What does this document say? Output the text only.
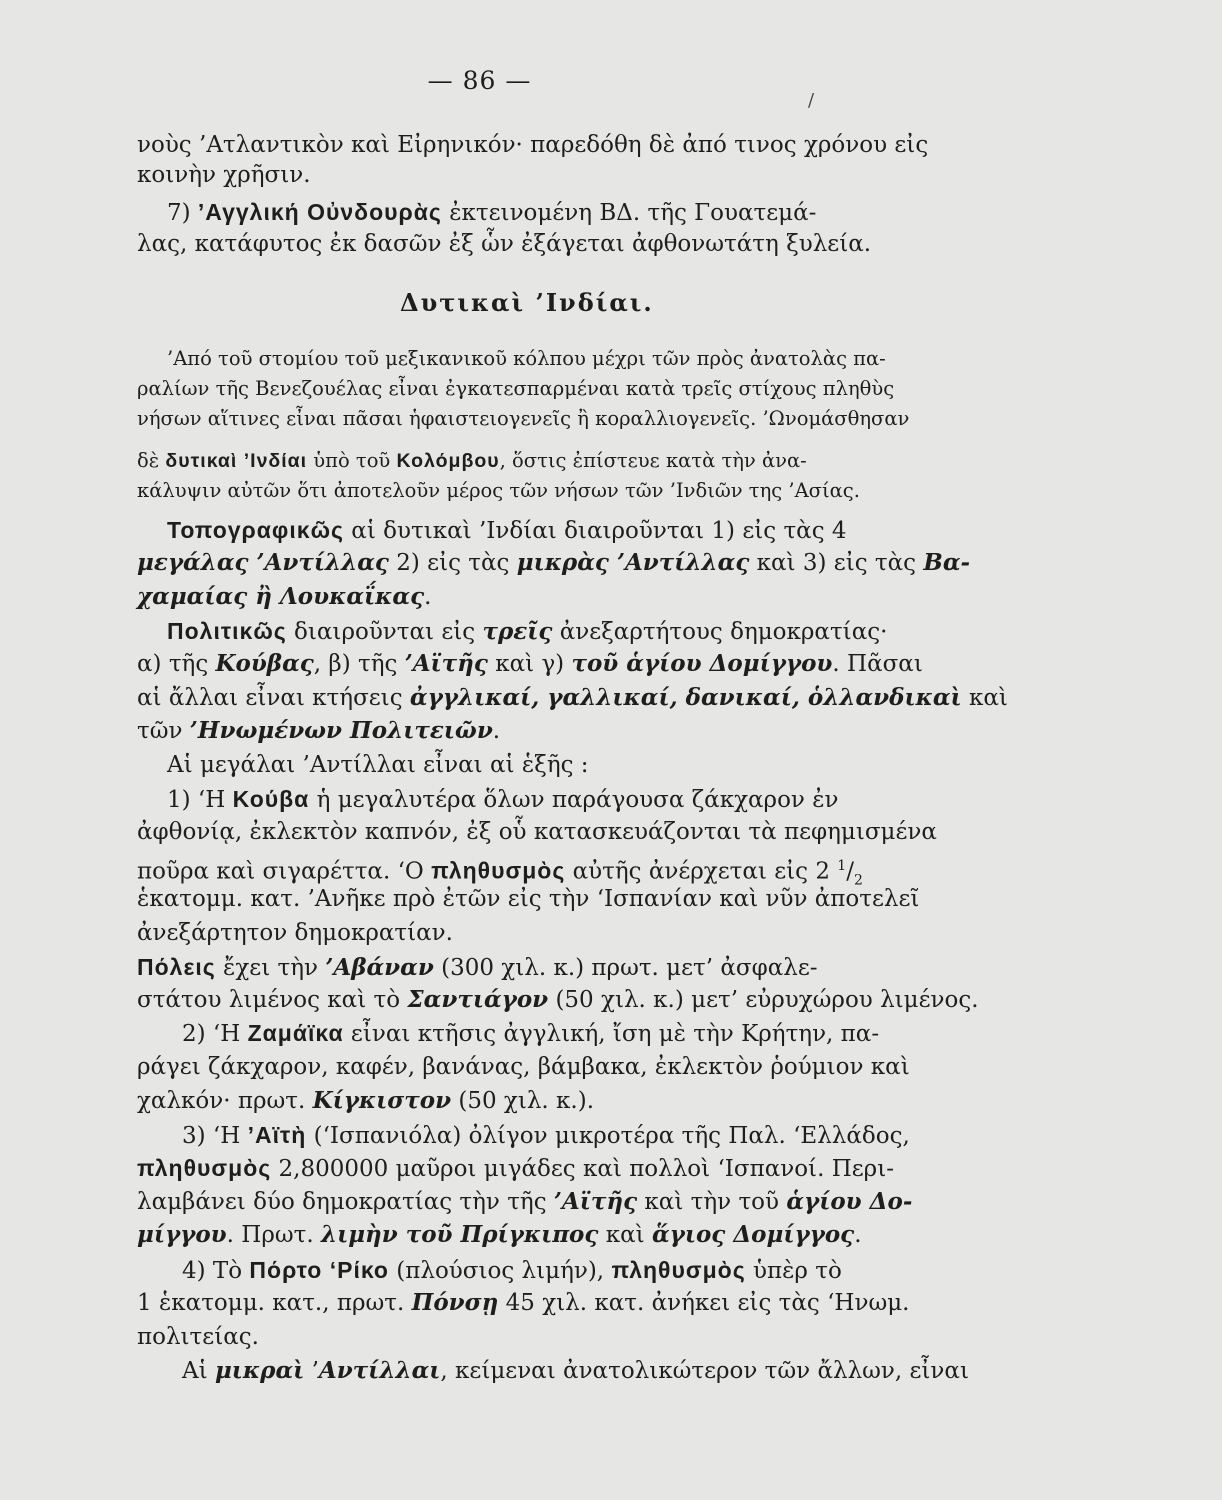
— 86 —
/
νοὺς ’Ατλαντικὸν καὶ Εἰρηνικόν· παρεδόθη δὲ ἀπό τινος χρόνου εἰς
κοινὴν χρῆσιν.
7) ’Αγγλική Οὐνδουρὰς ἐκτεινομένη ΒΔ. τῆς Γουατεμά-
λας, κατάφυτος ἐκ δασῶν ἐξ ὧν ἐξάγεται ἀφθονωτάτη ξυλεία.
Δυτικαὶ ’Ινδίαι.
’Από τοῦ στομίου τοῦ μεξικανικοῦ κόλπου μέχρι τῶν πρὸς ἀνατολὰς πα-
ραλίων τῆς Βενεζουέλας εἶναι ἐγκατεσπαρμέναι κατὰ τρεῖς στίχους πληθὺς
νήσων αἵτινες εἶναι πᾶσαι ἡφαιστειογενεῖς ἢ κοραλλιογενεῖς. ’Ωνομάσθησαν
δὲ δυτικαὶ ’Ινδίαι ὑπὸ τοῦ Κολόμβου, ὅστις ἐπίστευε κατὰ τὴν ἀνα-
κάλυψιν αὐτῶν ὅτι ἀποτελοῦν μέρος τῶν νήσων τῶν ’Ινδιῶν της ’Ασίας.
Τοπογραφικῶς αἱ δυτικαὶ ’Ινδίαι διαιροῦνται 1) εἰς τὰς 4
μεγάλας ’Αντίλλας 2) εἰς τὰς μικρὰς ’Αντίλλας καὶ 3) εἰς τὰς Βα-
χαμαίας ἢ Λουκαΐκας.
Πολιτικῶς διαιροῦνται εἰς τρεῖς ἀνεξαρτήτους δημοκρατίας·
α) τῆς Κούβας, β) τῆς ’Αϊτῆς καὶ γ) τοῦ ἁγίου Δομίγγου. Πᾶσαι
αἱ ἄλλαι εἶναι κτήσεις ἀγγλικαί, γαλλικαί, δανικαί, ὁλλανδικαὶ καὶ
τῶν ’Ηνωμένων Πολιτειῶν.
Αἱ μεγάλαι ’Αντίλλαι εἶναι αἱ ἑξῆς :
1) ‘Η Κούβα ἡ μεγαλυτέρα ὅλων παράγουσα ζάκχαρον ἐν
ἀφθονίᾳ, ἐκλεκτὸν καπνόν, ἐξ οὗ κατασκευάζονται τὰ πεφημισμένα
ποῦρα καὶ σιγαρέττα. ‘Ο πληθυσμὸς αὐτῆς ἀνέρχεται εἰς 2 $^1/_2$
ἑκατομμ. κατ. ’Ανῆκε πρὸ ἐτῶν εἰς τὴν ‘Ισπανίαν καὶ νῦν ἀποτελεῖ
ἀνεξάρτητον δημοκρατίαν.
Πόλεις ἔχει τὴν ’Αβάναν (300 χιλ. κ.) πρωτ. μετ’ ἀσφαλε-
στάτου λιμένος καὶ τὸ Σαντιάγον (50 χιλ. κ.) μετ’ εὐρυχώρου λιμένος.
2) ‘Η Ζαμάϊκα εἶναι κτῆσις ἀγγλική, ἴση μὲ τὴν Κρήτην, πα-
ράγει ζάκχαρον, καφέν, βανάνας, βάμβακα, ἐκλεκτὸν ῥούμιον καὶ
χαλκόν· πρωτ. Κίγκιστον (50 χιλ. κ.).
3) ‘Η ’Αϊτὴ (‘Ισπανιόλα) ὀλίγον μικροτέρα τῆς Παλ. ‘Ελλάδος,
πληθυσμὸς 2,800000 μαῦροι μιγάδες καὶ πολλοὶ ‘Ισπανοί. Περι-
λαμβάνει δύο δημοκρατίας τὴν τῆς ’Αϊτῆς καὶ τὴν τοῦ ἁγίου Δο-
μίγγου. Πρωτ. λιμὴν τοῦ Πρίγκιπος καὶ ἅγιος Δομίγγος.
4) Τὸ Πόρτο ‘Ρίκο (πλούσιος λιμήν), πληθυσμὸς ὑπὲρ τὸ
1 ἑκατομμ. κατ., πρωτ. Πόνσῃ 45 χιλ. κατ. ἀνήκει εἰς τὰς ‘Ηνωμ.
πολιτείας.
Αἱ μικραὶ ’Αντίλλαι, κείμεναι ἀνατολικώτερον τῶν ἄλλων, εἶναι
